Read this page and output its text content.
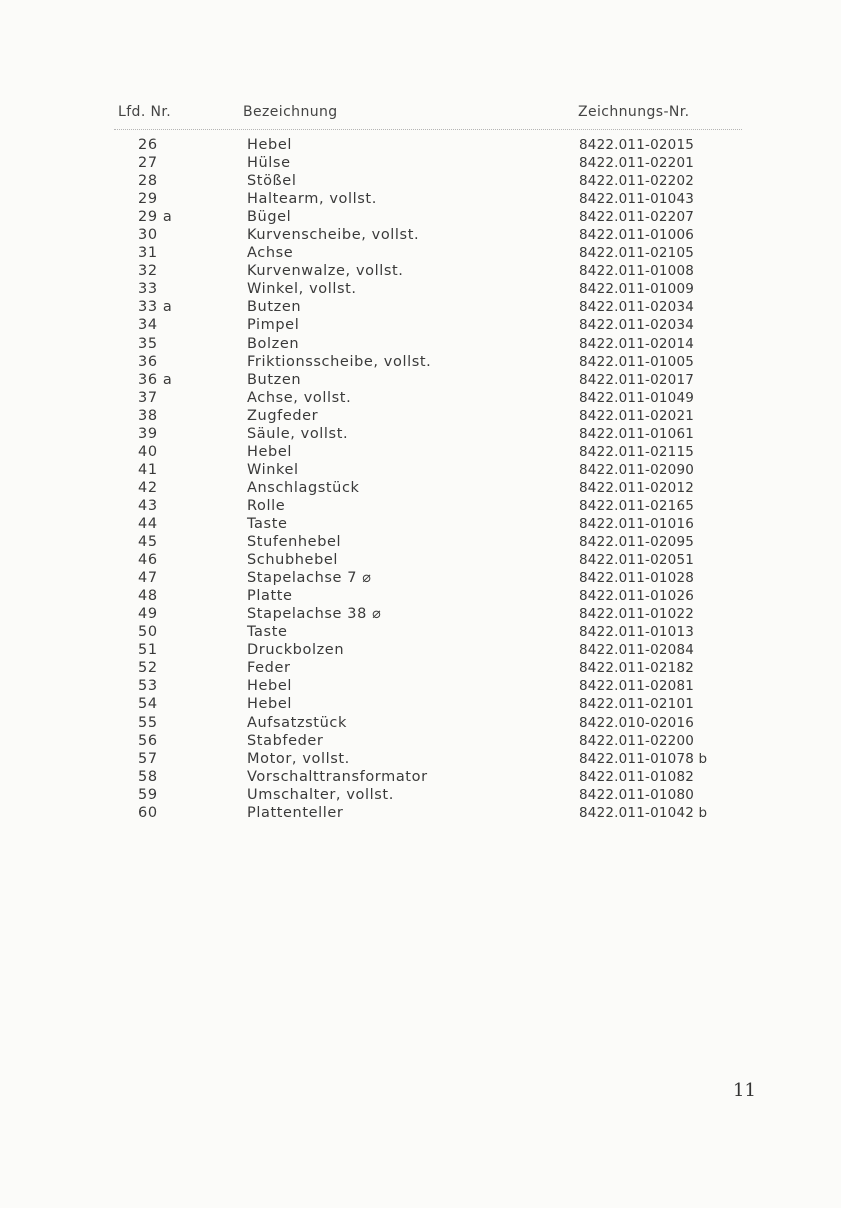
Lfd. Nr.	Bezeichnung	Zeichnungs-Nr.
26	Hebel	8422.011-02015
27	Hülse	8422.011-02201
28	Stößel	8422.011-02202
29	Haltearm, vollst.	8422.011-01043
29 a	Bügel	8422.011-02207
30	Kurvenscheibe, vollst.	8422.011-01006
31	Achse	8422.011-02105
32	Kurvenwalze, vollst.	8422.011-01008
33	Winkel, vollst.	8422.011-01009
33 a	Butzen	8422.011-02034
34	Pimpel	8422.011-02034
35	Bolzen	8422.011-02014
36	Friktionsscheibe, vollst.	8422.011-01005
36 a	Butzen	8422.011-02017
37	Achse, vollst.	8422.011-01049
38	Zugfeder	8422.011-02021
39	Säule, vollst.	8422.011-01061
40	Hebel	8422.011-02115
41	Winkel	8422.011-02090
42	Anschlagstück	8422.011-02012
43	Rolle	8422.011-02165
44	Taste	8422.011-01016
45	Stufenhebel	8422.011-02095
46	Schubhebel	8422.011-02051
47	Stapelachse 7 ⌀	8422.011-01028
48	Platte	8422.011-01026
49	Stapelachse 38 ⌀	8422.011-01022
50	Taste	8422.011-01013
51	Druckbolzen	8422.011-02084
52	Feder	8422.011-02182
53	Hebel	8422.011-02081
54	Hebel	8422.011-02101
55	Aufsatzstück	8422.010-02016
56	Stabfeder	8422.011-02200
57	Motor, vollst.	8422.011-01078 b
58	Vorschalttransformator	8422.011-01082
59	Umschalter, vollst.	8422.011-01080
60	Plattenteller	8422.011-01042 b
11
